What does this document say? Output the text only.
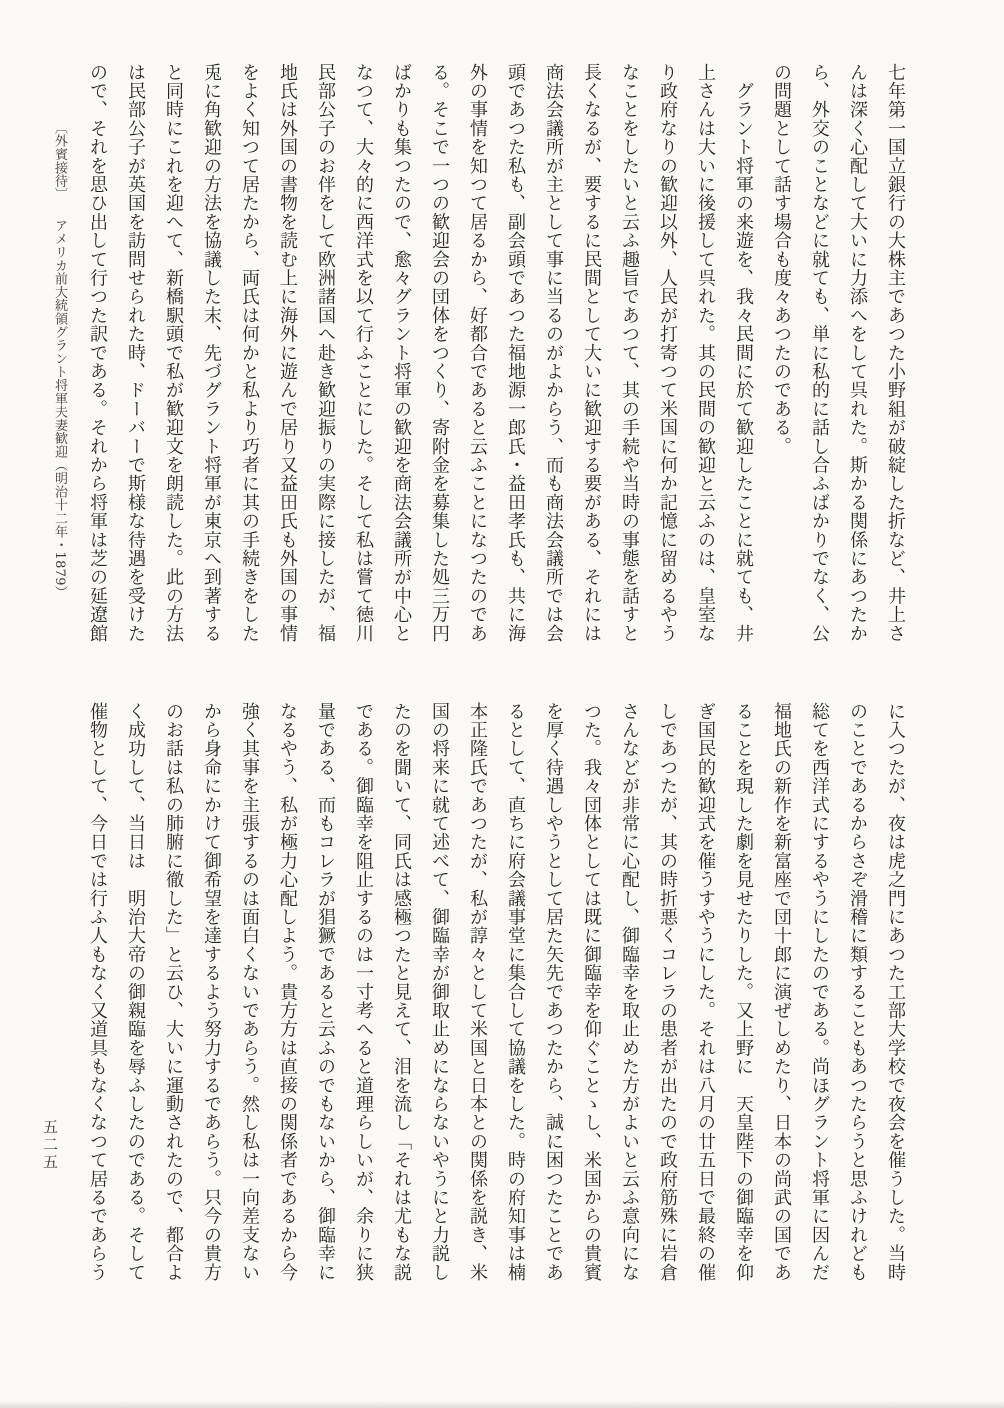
七年第一国立銀行の大株主であつた小野組が破綻した折など、井上さ
んは深く心配して大いに力添へをして呉れた。斯かる関係にあつたか
ら、外交のことなどに就ても、単に私的に話し合ふばかりでなく、公
の問題として話す場合も度々あつたのである。
　グラント将軍の来遊を、我々民間に於て歓迎したことに就ても、井
上さんは大いに後援して呉れた。其の民間の歓迎と云ふのは、皇室な
り政府なりの歓迎以外、人民が打寄つて米国に何か記憶に留めるやう
なことをしたいと云ふ趣旨であつて、其の手続や当時の事態を話すと
長くなるが、要するに民間として大いに歓迎する要がある、それには
商法会議所が主として事に当るのがよからう、而も商法会議所では会
頭であつた私も、副会頭であつた福地源一郎氏・益田孝氏も、共に海
外の事情を知つて居るから、好都合であると云ふことになつたのであ
る。そこで一つの歓迎会の団体をつくり、寄附金を募集した処三万円
ばかりも集つたので、愈々グラント将軍の歓迎を商法会議所が中心と
なつて、大々的に西洋式を以て行ふことにした。そして私は嘗て徳川
民部公子のお伴をして欧洲諸国へ赴き歓迎振りの実際に接したが、福
地氏は外国の書物を読む上に海外に遊んで居り又益田氏も外国の事情
をよく知つて居たから、両氏は何かと私より巧者に其の手続きをした
兎に角歓迎の方法を協議した末、先づグラント将軍が東京へ到著する
と同時にこれを迎へて、新橋駅頭で私が歓迎文を朗読した。此の方法
は民部公子が英国を訪問せられた時、ドーバーで斯様な待遇を受けた
ので、それを思ひ出して行つた訳である。それから将軍は芝の延遼館
〔外賓接待〕アメリカ前大統領グラント将軍夫妻歓迎（明治十二年・1879）
に入つたが、夜は虎之門にあつた工部大学校で夜会を催うした。当時
のことであるからさぞ滑稽に類することもあつたらうと思ふけれども
総てを西洋式にするやうにしたのである。尚ほグラント将軍に因んだ
福地氏の新作を新富座で団十郎に演ぜしめたり、日本の尚武の国であ
ることを現した劇を見せたりした。又上野に　天皇陛下の御臨幸を仰
ぎ国民的歓迎式を催うすやうにした。それは八月の廿五日で最終の催
しであつたが、其の時折悪くコレラの患者が出たので政府筋殊に岩倉
さんなどが非常に心配し、御臨幸を取止めた方がよいと云ふ意向にな
つた。我々団体としては既に御臨幸を仰ぐことゝし、米国からの貴賓
を厚く待遇しやうとして居た矢先であつたから、誠に困つたことであ
るとして、直ちに府会議事堂に集合して協議をした。時の府知事は楠
本正隆氏であつたが、私が諄々として米国と日本との関係を説き、米
国の将来に就て述べて、御臨幸が御取止めにならないやうにと力説し
たのを聞いて、同氏は感極つたと見えて、泪を流し「それは尤もな説
である。御臨幸を阻止するのは一寸考へると道理らしいが、余りに狭
量である、而もコレラが猖獗であると云ふのでもないから、御臨幸に
なるやう、私が極力心配しよう。貴方方は直接の関係者であるから今
強く其事を主張するのは面白くないであらう。然し私は一向差支ない
から身命にかけて御希望を達するよう努力するであらう。只今の貴方
のお話は私の肺腑に徹した」と云ひ、大いに運動されたので、都合よ
く成功して、当日は　明治大帝の御親臨を辱ふしたのである。そして
催物として、今日では行ふ人もなく又道具もなくなつて居るであらう
五二五
